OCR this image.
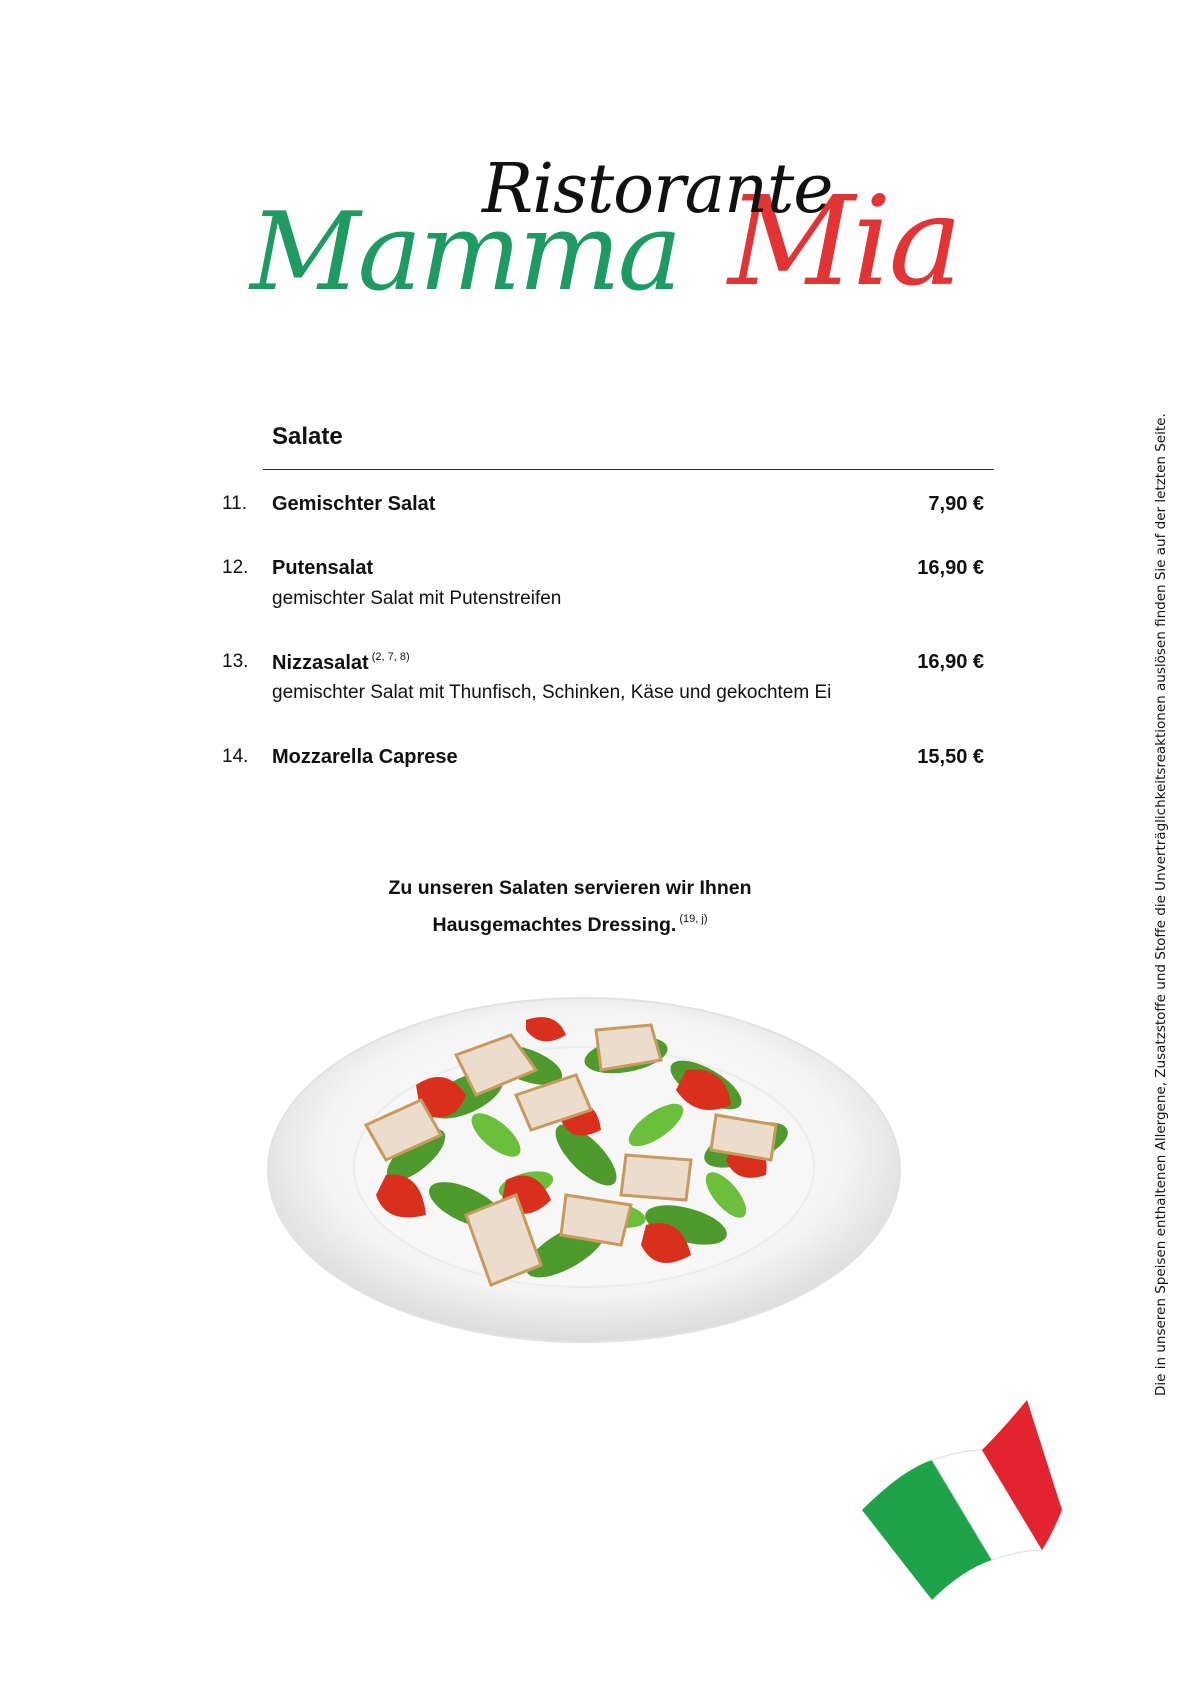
Mamma Mia
Ristorante
Salate
11. Gemischter Salat	7,90 €
12. Putensalat	16,90 €
gemischter Salat mit Putenstreifen
13. Nizzasalat $^{(2, 7, 8)}$	16,90 €
gemischter Salat mit Thunfisch, Schinken, Käse und gekochtem Ei
14. Mozzarella Caprese	15,50 €
Zu unseren Salaten servieren wir Ihnen
Hausgemachtes Dressing. $^{(19, j)}$	Die in unseren Speisen enthaltenen Allergene, Zusatzstoffe und Stoffe die Unverträglichkeitsreaktionen auslösen finden Sie auf der letzten Seite.
